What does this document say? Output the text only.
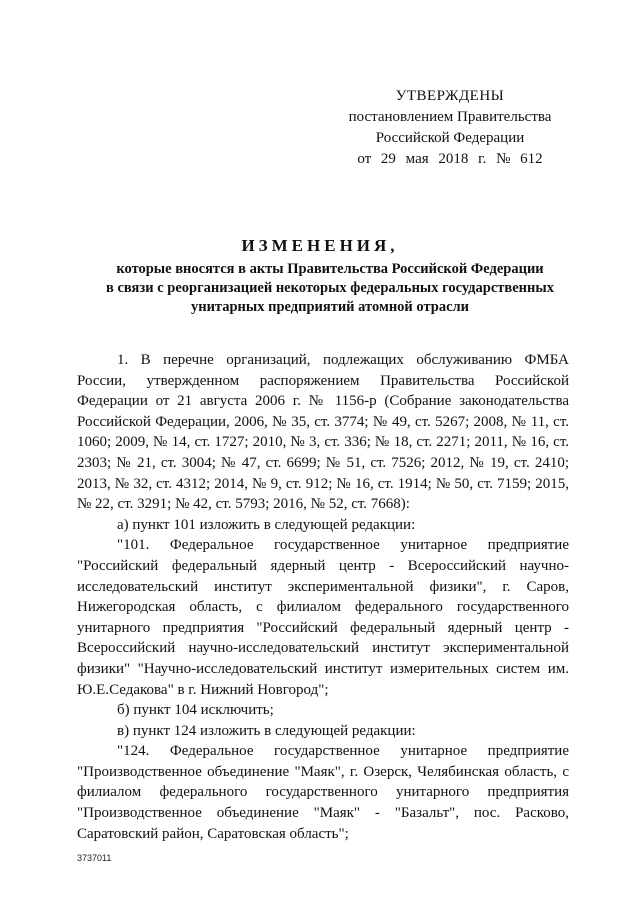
УТВЕРЖДЕНЫ
постановлением Правительства
Российской Федерации
от 29 мая 2018 г. № 612
ИЗМЕНЕНИЯ,
которые вносятся в акты Правительства Российской Федерации
в связи с реорганизацией некоторых федеральных государственных
унитарных предприятий атомной отрасли

1. В перечне организаций, подлежащих обслуживанию ФМБА России, утвержденном распоряжением Правительства Российской Федерации от 21 августа 2006 г. № 1156-р (Собрание законодательства Российской Федерации, 2006, № 35, ст. 3774; № 49, ст. 5267; 2008, № 11, ст. 1060; 2009, № 14, ст. 1727; 2010, № 3, ст. 336; № 18, ст. 2271; 2011, № 16, ст. 2303; № 21, ст. 3004; № 47, ст. 6699; № 51, ст. 7526; 2012, № 19, ст. 2410; 2013, № 32, ст. 4312; 2014, № 9, ст. 912; № 16, ст. 1914; № 50, ст. 7159; 2015, № 22, ст. 3291; № 42, ст. 5793; 2016, № 52, ст. 7668):

а) пункт 101 изложить в следующей редакции:

"101. Федеральное государственное унитарное предприятие "Российский федеральный ядерный центр - Всероссийский научно-исследовательский институт экспериментальной физики", г. Саров, Нижегородская область, с филиалом федерального государственного унитарного предприятия "Российский федеральный ядерный центр - Всероссийский научно-исследовательский институт экспериментальной физики" "Научно-исследовательский институт измерительных систем им. Ю.Е.Седакова" в г. Нижний Новгород";

б) пункт 104 исключить;

в) пункт 124 изложить в следующей редакции:

"124. Федеральное государственное унитарное предприятие "Производственное объединение "Маяк", г. Озерск, Челябинская область, с филиалом федерального государственного унитарного предприятия "Производственное объединение "Маяк" - "Базальт", пос. Расково, Саратовский район, Саратовская область";

3737011
